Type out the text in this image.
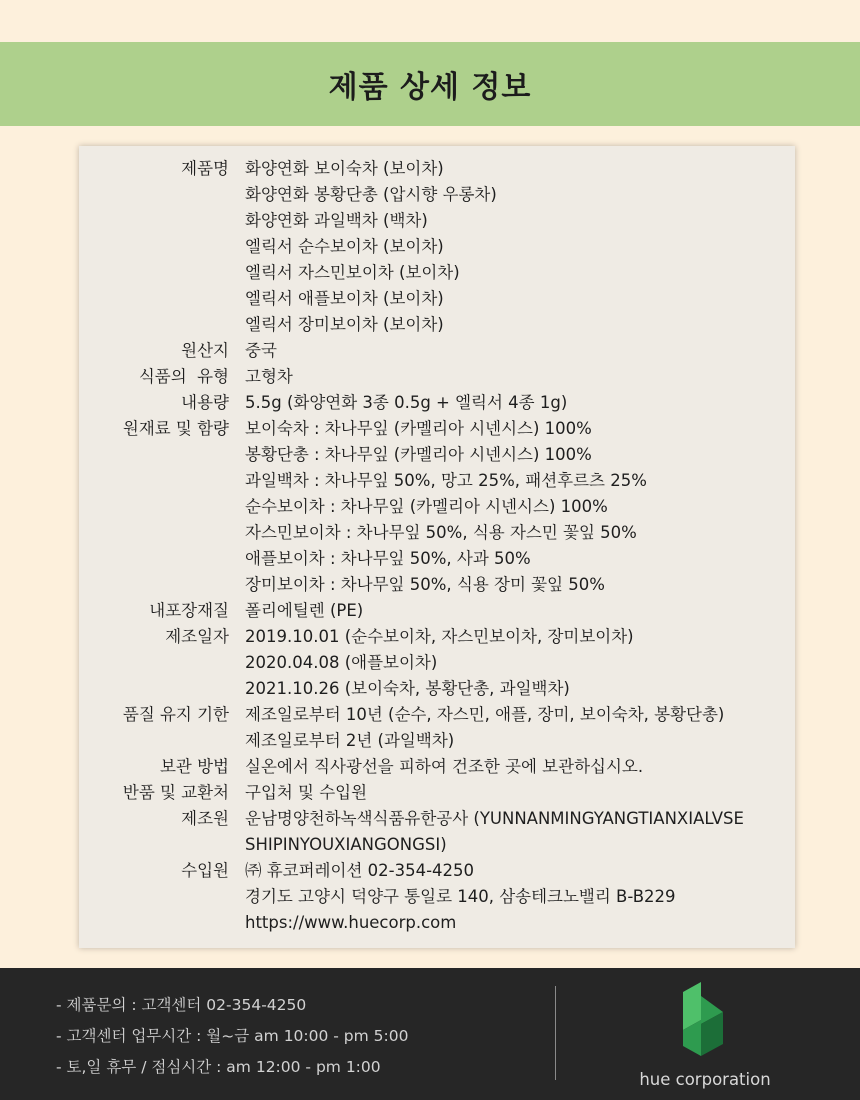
제품 상세 정보
제품명 화양연화 보이숙차 (보이차)
화양연화 봉황단총 (압시향 우롱차)
화양연화 과일백차 (백차)
엘릭서 순수보이차 (보이차)
엘릭서 자스민보이차 (보이차)
엘릭서 애플보이차 (보이차)
엘릭서 장미보이차 (보이차)
원산지 중국
식품의  유형 고형차
내용량 5.5g (화양연화 3종 0.5g + 엘릭서 4종 1g)
원재료 및 함량 보이숙차 : 차나무잎 (카멜리아 시넨시스) 100%
봉황단총 : 차나무잎 (카멜리아 시넨시스) 100%
과일백차 : 차나무잎 50%, 망고 25%, 패션후르츠 25%
순수보이차 : 차나무잎 (카멜리아 시넨시스) 100%
자스민보이차 : 차나무잎 50%, 식용 자스민 꽃잎 50%
애플보이차 : 차나무잎 50%, 사과 50%
장미보이차 : 차나무잎 50%, 식용 장미 꽃잎 50%
내포장재질 폴리에틸렌 (PE)
제조일자 2019.10.01 (순수보이차, 자스민보이차, 장미보이차)
2020.04.08 (애플보이차)
2021.10.26 (보이숙차, 봉황단총, 과일백차)
품질 유지 기한 제조일로부터 10년 (순수, 자스민, 애플, 장미, 보이숙차, 봉황단총)
제조일로부터 2년 (과일백차)
보관 방법 실온에서 직사광선을 피하여 건조한 곳에 보관하십시오.
반품 및 교환처 구입처 및 수입원
제조원 운남명양천하녹색식품유한공사 (YUNNANMINGYANGTIANXIALVSE
SHIPINYOUXIANGONGSI)
수입원 ㈜ 휴코퍼레이션 02-354-4250
경기도 고양시 덕양구 통일로 140, 삼송테크노밸리 B-B229
https://www.huecorp.com
- 제품문의 : 고객센터 02-354-4250
- 고객센터 업무시간 : 월~금 am 10:00 - pm 5:00
- 토,일 휴무 / 점심시간 : am 12:00 - pm 1:00
hue corporation
